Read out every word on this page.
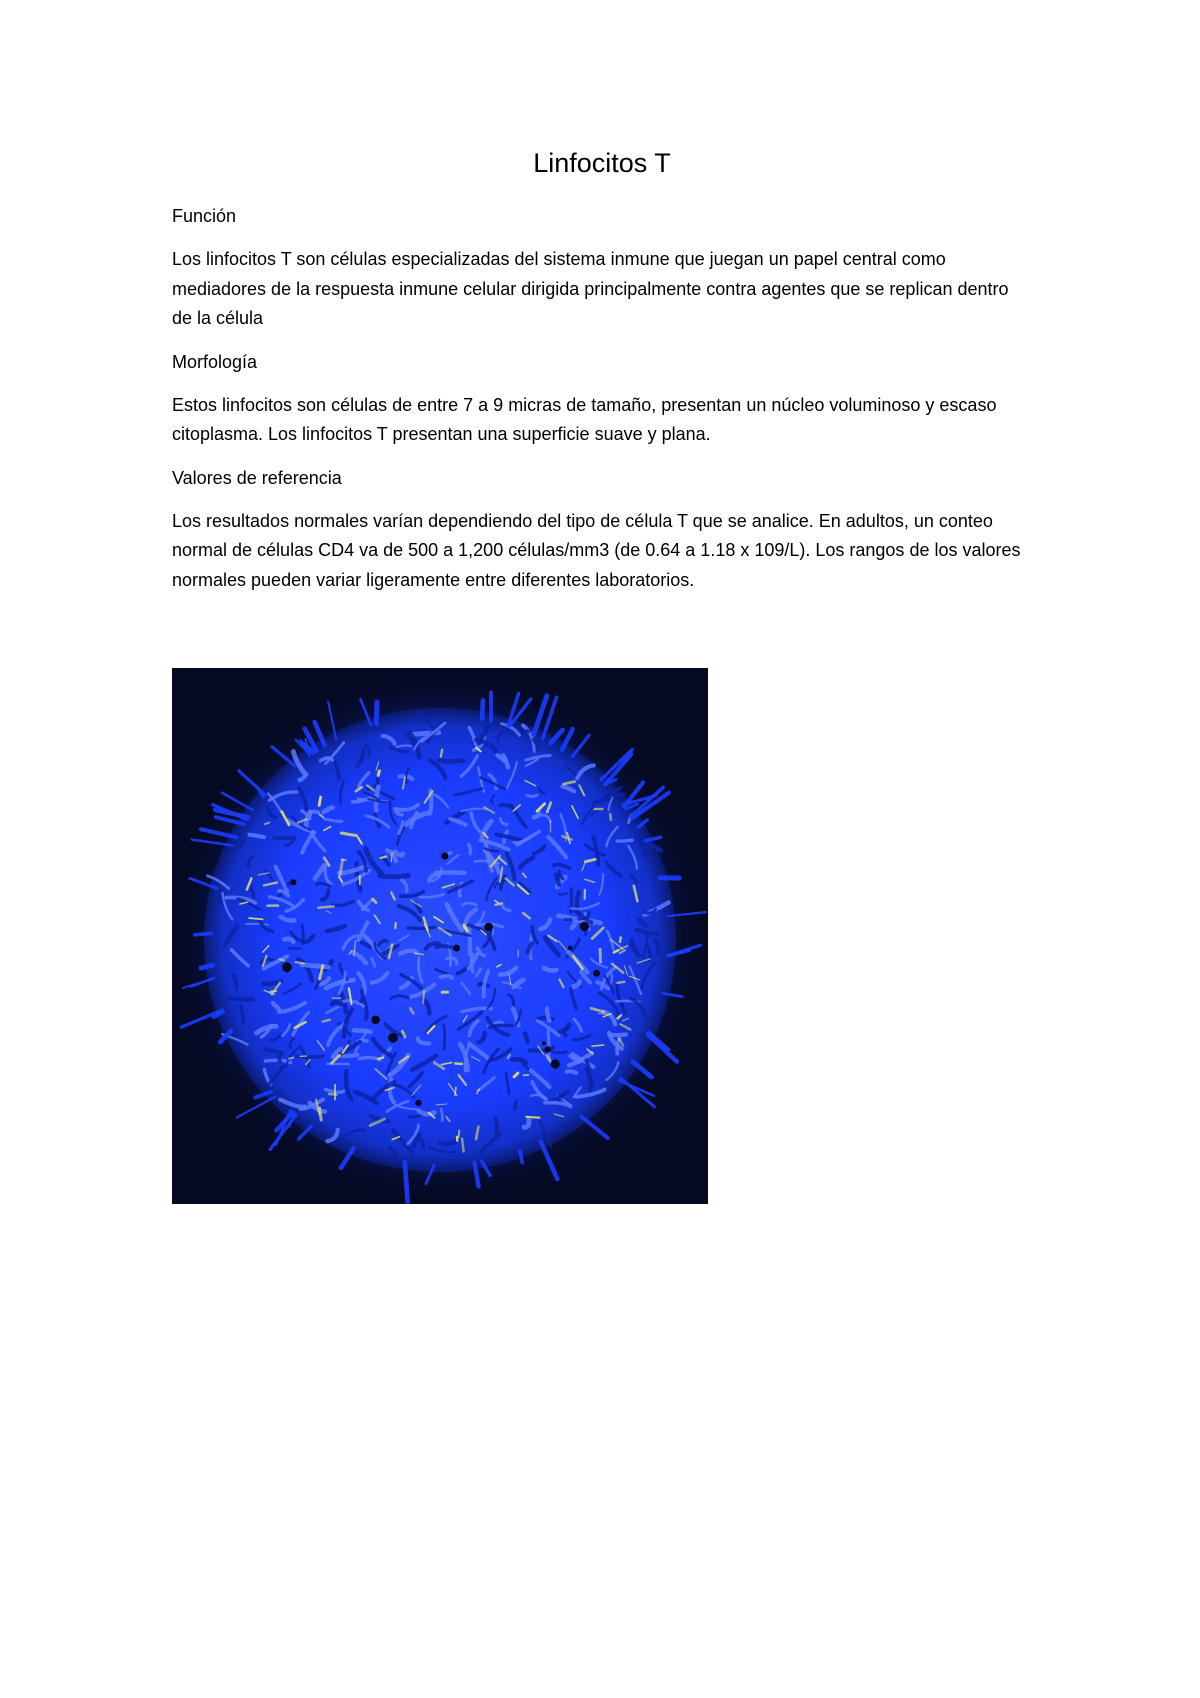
Linfocitos T
Función

Los linfocitos T son células especializadas del sistema inmune que juegan un papel central como mediadores de la respuesta inmune celular dirigida principalmente contra agentes que se replican dentro de la célula

Morfología

Estos linfocitos son células de entre 7 a 9 micras de tamaño, presentan un núcleo voluminoso y escaso citoplasma. Los linfocitos T presentan una superficie suave y plana.

Valores de referencia

Los resultados normales varían dependiendo del tipo de célula T que se analice. En adultos, un conteo normal de células CD4 va de 500 a 1,200 células/mm3 (de 0.64 a 1.18 x 109/L). Los rangos de los valores normales pueden variar ligeramente entre diferentes laboratorios.
